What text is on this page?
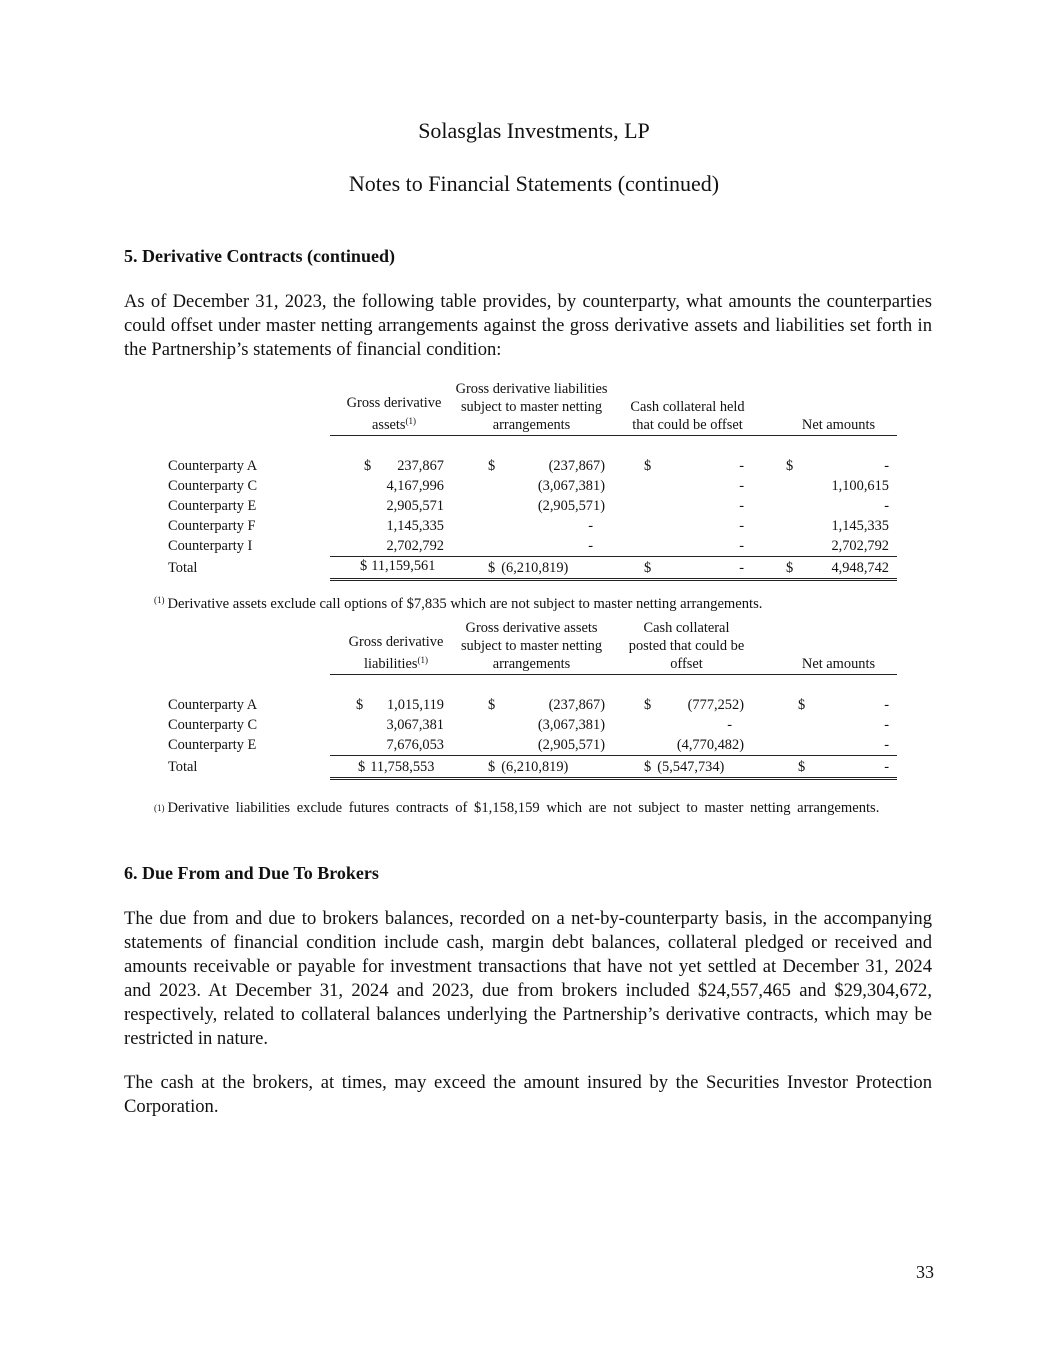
Solasglas Investments, LP
Notes to Financial Statements (continued)
5. Derivative Contracts (continued)
As of December 31, 2023, the following table provides, by counterparty, what amounts the counterparties could offset under master netting arrangements against the gross derivative assets and liabilities set forth in the Partnership’s statements of financial condition:
	Gross derivative assets$^{(1)}$	Gross derivative liabilities subject to master netting arrangements	Cash collateral held that could be offset	Net amounts

Counterparty A	$ 237,867	$ (237,867)	$ -	$ -

Counterparty C	4,167,996	(3,067,381)	-	1,100,615

Counterparty E	2,905,571	(2,905,571)	-	-

Counterparty F	1,145,335	-	-	1,145,335

Counterparty I	2,702,792	-	-	2,702,792

Total	$ 11,159,561	$ (6,210,819)	$ -	$ 4,948,742
$^{(1)}$ Derivative assets exclude call options of $7,835 which are not subject to master netting arrangements.
	Gross derivative liabilities$^{(1)}$	Gross derivative assets subject to master netting arrangements	Cash collateral posted that could be offset	Net amounts

Counterparty A	$ 1,015,119	$ (237,867)	$ (777,252)	$ -

Counterparty C	3,067,381	(3,067,381)	-	-

Counterparty E	7,676,053	(2,905,571)	(4,770,482)	-

Total	$ 11,758,553	$ (6,210,819)	$ (5,547,734)	$ -
(1) Derivative liabilities exclude futures contracts of $1,158,159 which are not subject to master netting arrangements.
6. Due From and Due To Brokers
The due from and due to brokers balances, recorded on a net-by-counterparty basis, in the accompanying statements of financial condition include cash, margin debt balances, collateral pledged or received and amounts receivable or payable for investment transactions that have not yet settled at December 31, 2024 and 2023. At December 31, 2024 and 2023, due from brokers included $24,557,465 and $29,304,672, respectively, related to collateral balances underlying the Partnership’s derivative contracts, which may be restricted in nature.
The cash at the brokers, at times, may exceed the amount insured by the Securities Investor Protection Corporation.
33
